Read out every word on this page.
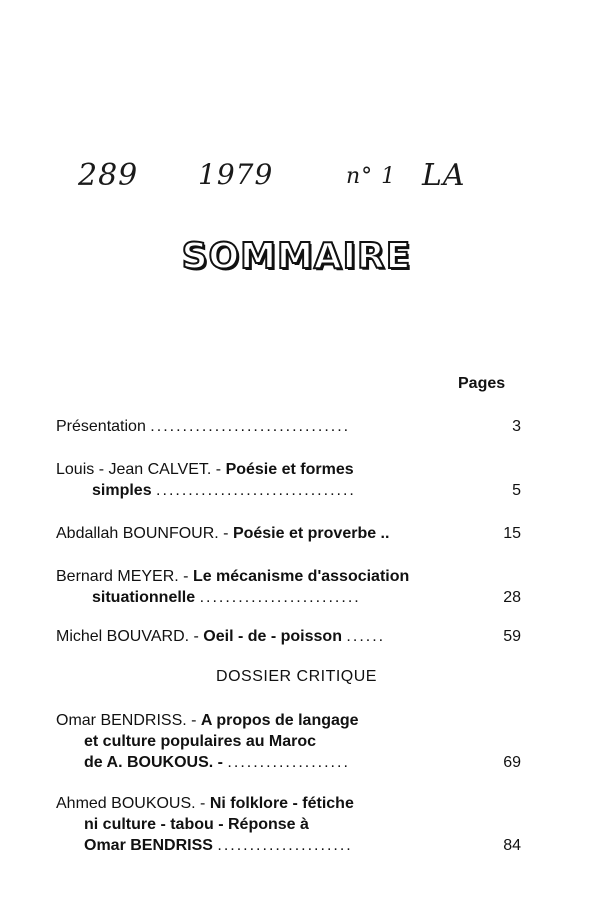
289 1979	n° 1 LA
SOMMAIRE
Pages
Présentation ...............................	3
Louis - Jean CALVET. - Poésie et formes
simples ...............................	5
Abdallah BOUNFOUR. - Poésie et proverbe ..	15
Bernard MEYER. - Le mécanisme d'association
situationnelle .........................	28
Michel BOUVARD. - Oeil - de - poisson ......	59
DOSSIER CRITIQUE
Omar BENDRISS. - A propos de langage
et culture populaires au Maroc
de A. BOUKOUS. - ...................	69
Ahmed BOUKOUS. - Ni folklore - fétiche
ni culture - tabou - Réponse à
Omar BENDRISS .....................	84
